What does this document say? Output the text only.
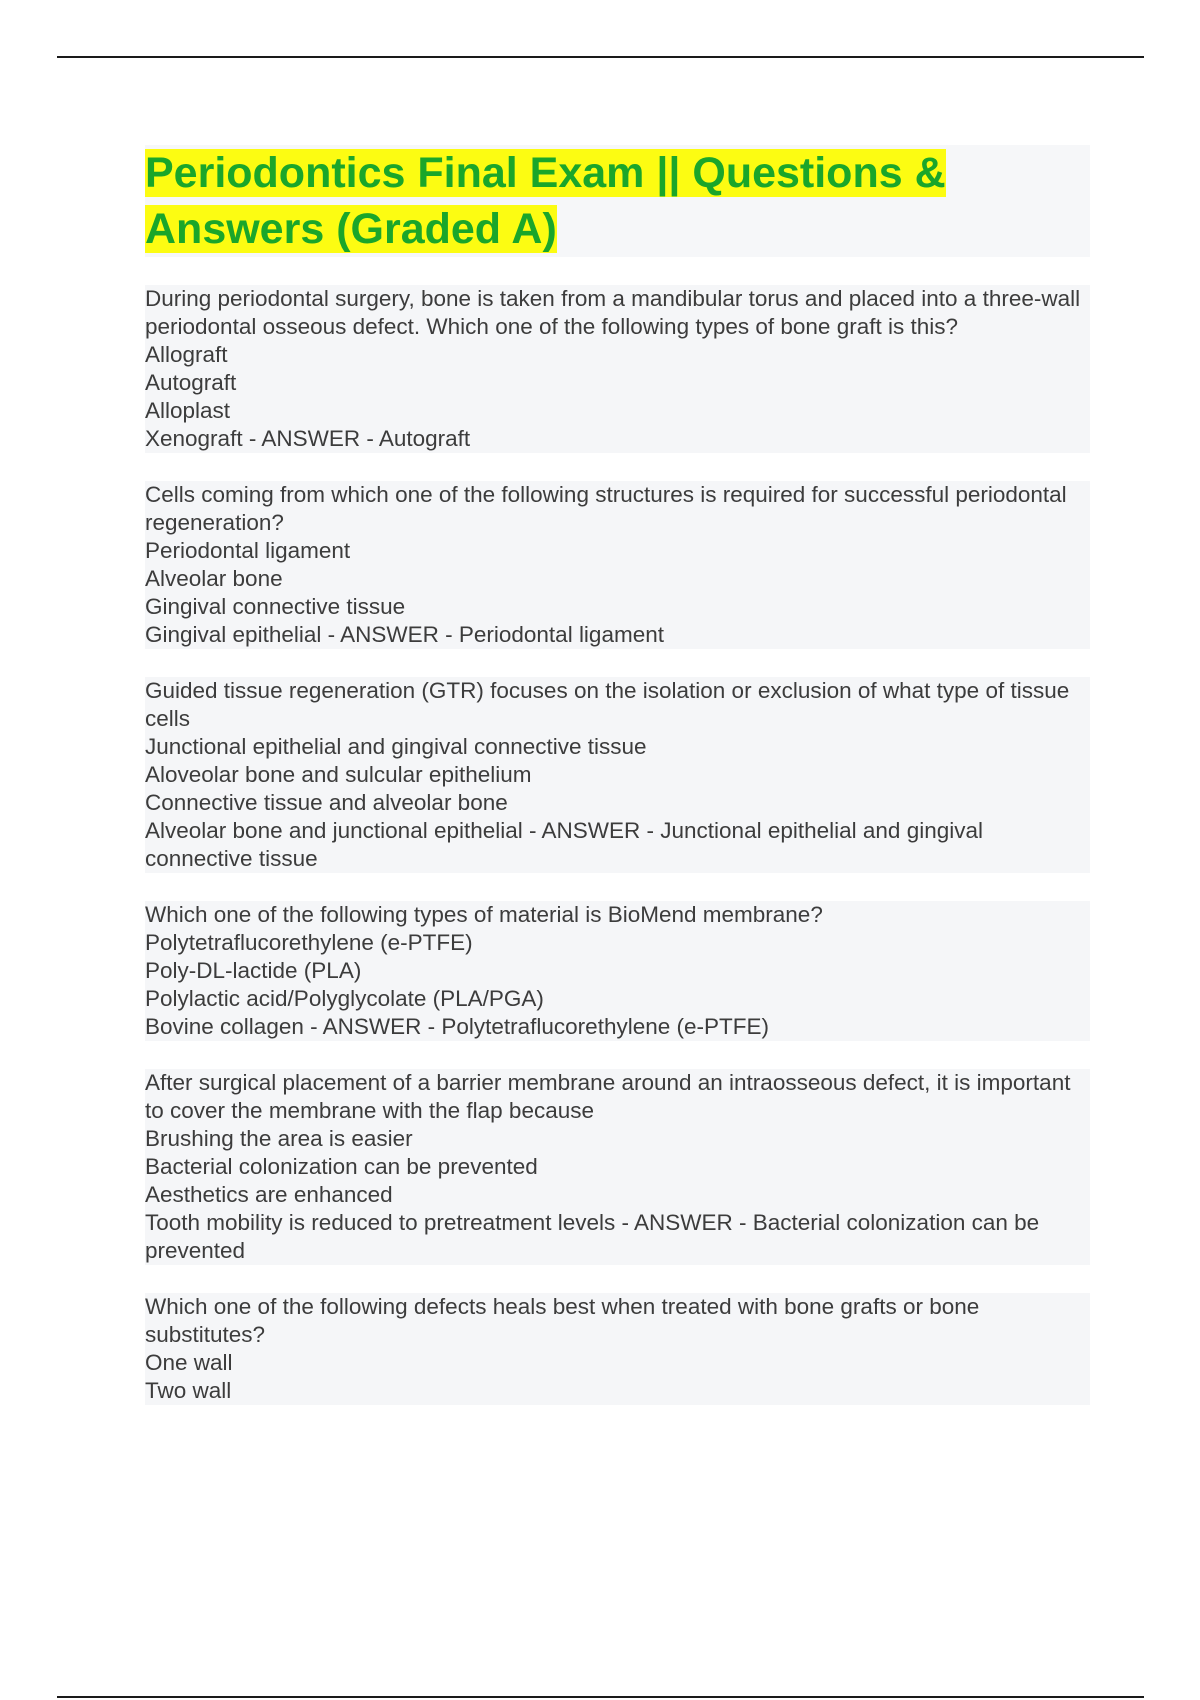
Periodontics Final Exam || Questions & Answers (Graded A)
During periodontal surgery, bone is taken from a mandibular torus and placed into a three-wall periodontal osseous defect. Which one of the following types of bone graft is this?
Allograft
Autograft
Alloplast
Xenograft - ANSWER - Autograft
Cells coming from which one of the following structures is required for successful periodontal regeneration?
Periodontal ligament
Alveolar bone
Gingival connective tissue
Gingival epithelial - ANSWER - Periodontal ligament
Guided tissue regeneration (GTR) focuses on the isolation or exclusion of what type of tissue cells
Junctional epithelial and gingival connective tissue
Aloveolar bone and sulcular epithelium
Connective tissue and alveolar bone
Alveolar bone and junctional epithelial - ANSWER - Junctional epithelial and gingival connective tissue
Which one of the following types of material is BioMend membrane?
Polytetraflucorethylene (e-PTFE)
Poly-DL-lactide (PLA)
Polylactic acid/Polyglycolate (PLA/PGA)
Bovine collagen - ANSWER - Polytetraflucorethylene (e-PTFE)
After surgical placement of a barrier membrane around an intraosseous defect, it is important to cover the membrane with the flap because
Brushing the area is easier
Bacterial colonization can be prevented
Aesthetics are enhanced
Tooth mobility is reduced to pretreatment levels - ANSWER - Bacterial colonization can be prevented
Which one of the following defects heals best when treated with bone grafts or bone substitutes?
One wall
Two wall
